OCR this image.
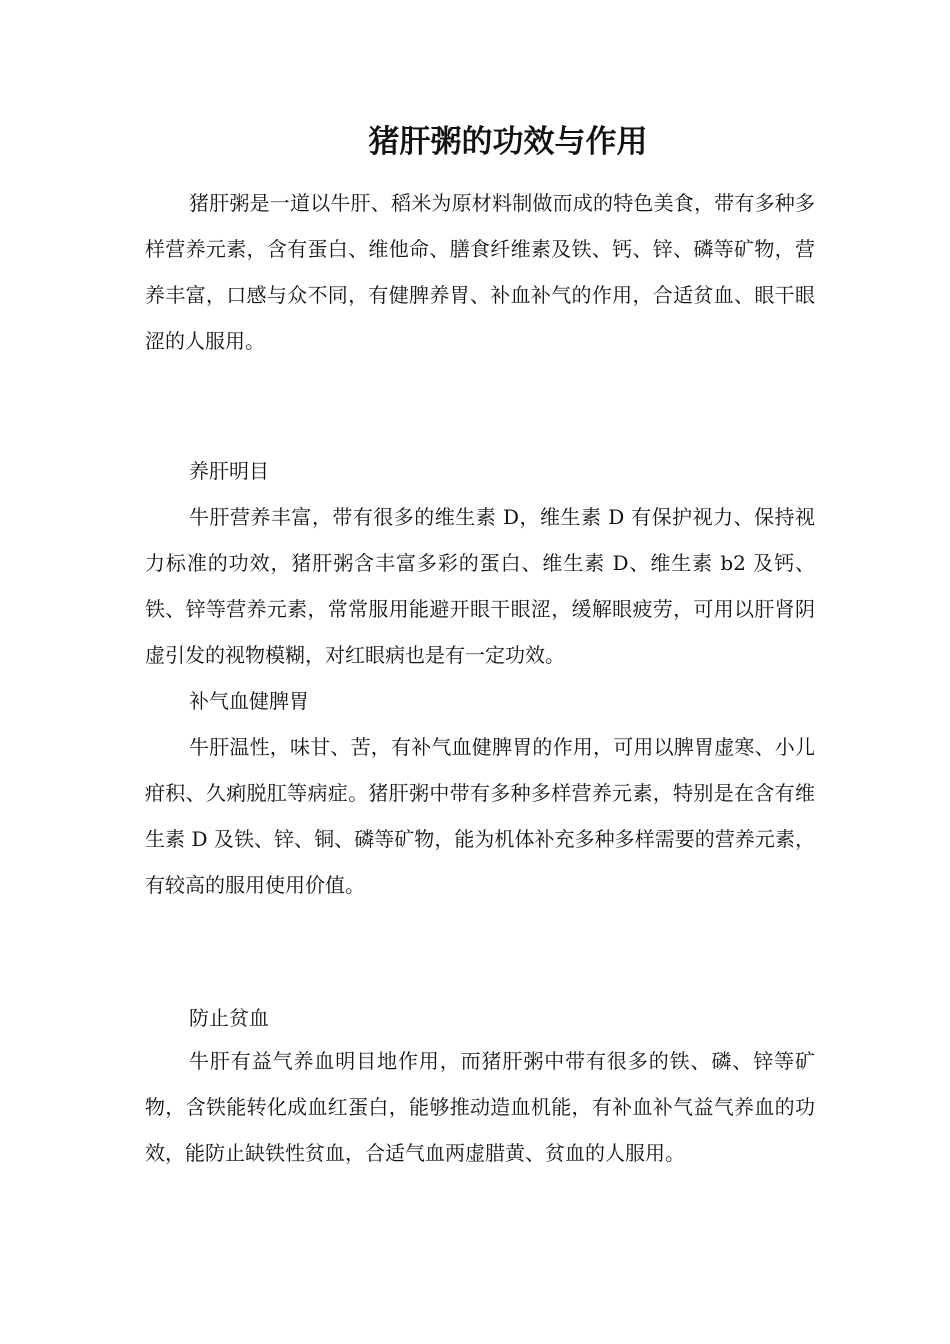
猪肝粥的功效与作用

猪肝粥是一道以牛肝、稻米为原材料制做而成的特色美食，带有多种多样营养元素，含有蛋白、维他命、膳食纤维素及铁、钙、锌、磷等矿物，营养丰富，口感与众不同，有健脾养胃、补血补气的作用，合适贫血、眼干眼涩的人服用。

养肝明目

牛肝营养丰富，带有很多的维生素 D，维生素 D 有保护视力、保持视力标准的功效，猪肝粥含丰富多彩的蛋白、维生素 D、维生素 b2 及钙、铁、锌等营养元素，常常服用能避开眼干眼涩，缓解眼疲劳，可用以肝肾阴虚引发的视物模糊，对红眼病也是有一定功效。

补气血健脾胃

牛肝温性，味甘、苦，有补气血健脾胃的作用，可用以脾胃虚寒、小儿疳积、久痢脱肛等病症。猪肝粥中带有多种多样营养元素，特别是在含有维生素 D 及铁、锌、铜、磷等矿物，能为机体补充多种多样需要的营养元素，有较高的服用使用价值。

防止贫血

牛肝有益气养血明目地作用，而猪肝粥中带有很多的铁、磷、锌等矿物，含铁能转化成血红蛋白，能够推动造血机能，有补血补气益气养血的功效，能防止缺铁性贫血，合适气血两虚腊黄、贫血的人服用。
